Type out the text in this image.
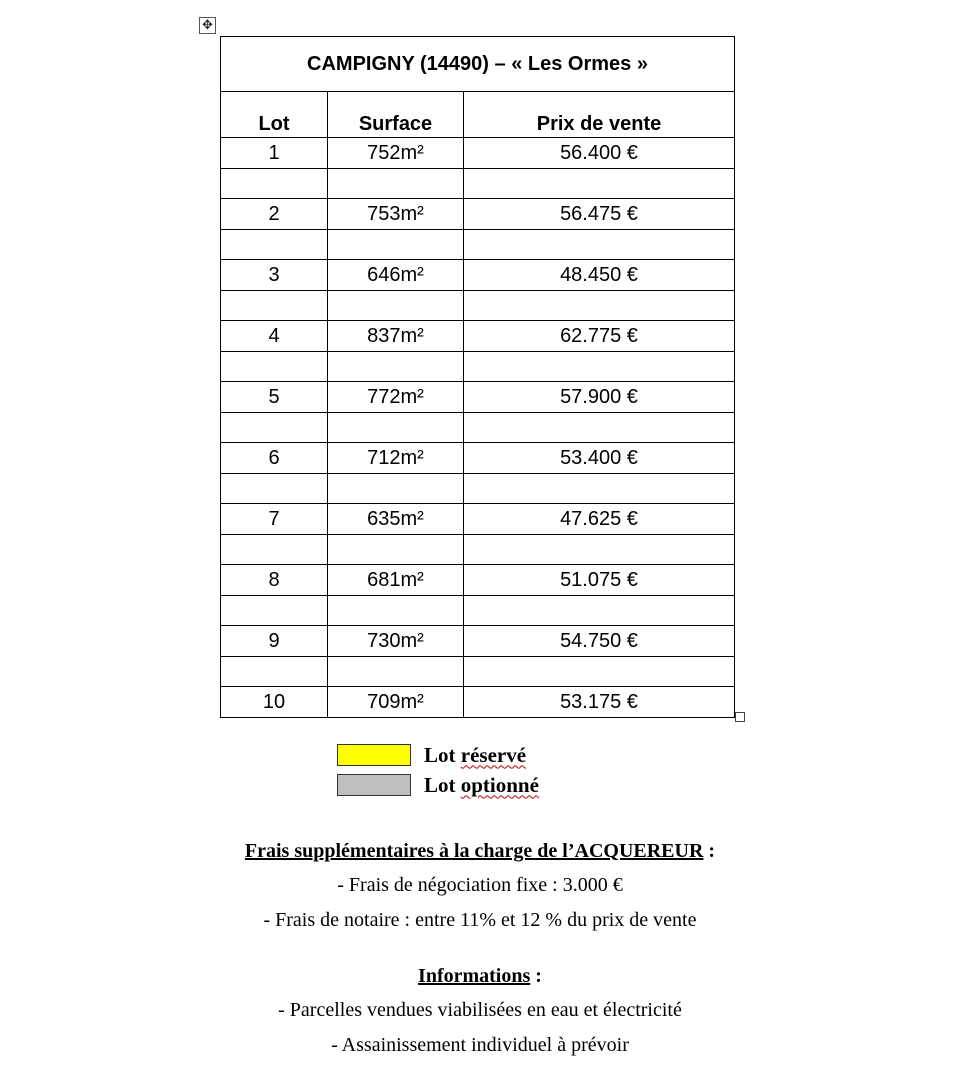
✥
CAMPIGNY (14490) – « Les Ormes »		
Lot	Surface	Prix de vente
1	752m²	56.400 €

2	753m²	56.475 €

3	646m²	48.450 €

4	837m²	62.775 €

5	772m²	57.900 €

6	712m²	53.400 €

7	635m²	47.625 €

8	681m²	51.075 €

9	730m²	54.750 €

10	709m²	53.175 €
Lot réservé
Lot optionné

Frais supplémentaires à la charge de l’ACQUEREUR :

- Frais de négociation fixe : 3.000 €

- Frais de notaire : entre 11% et 12 % du prix de vente

Informations :

- Parcelles vendues viabilisées en eau et électricité

- Assainissement individuel à prévoir
